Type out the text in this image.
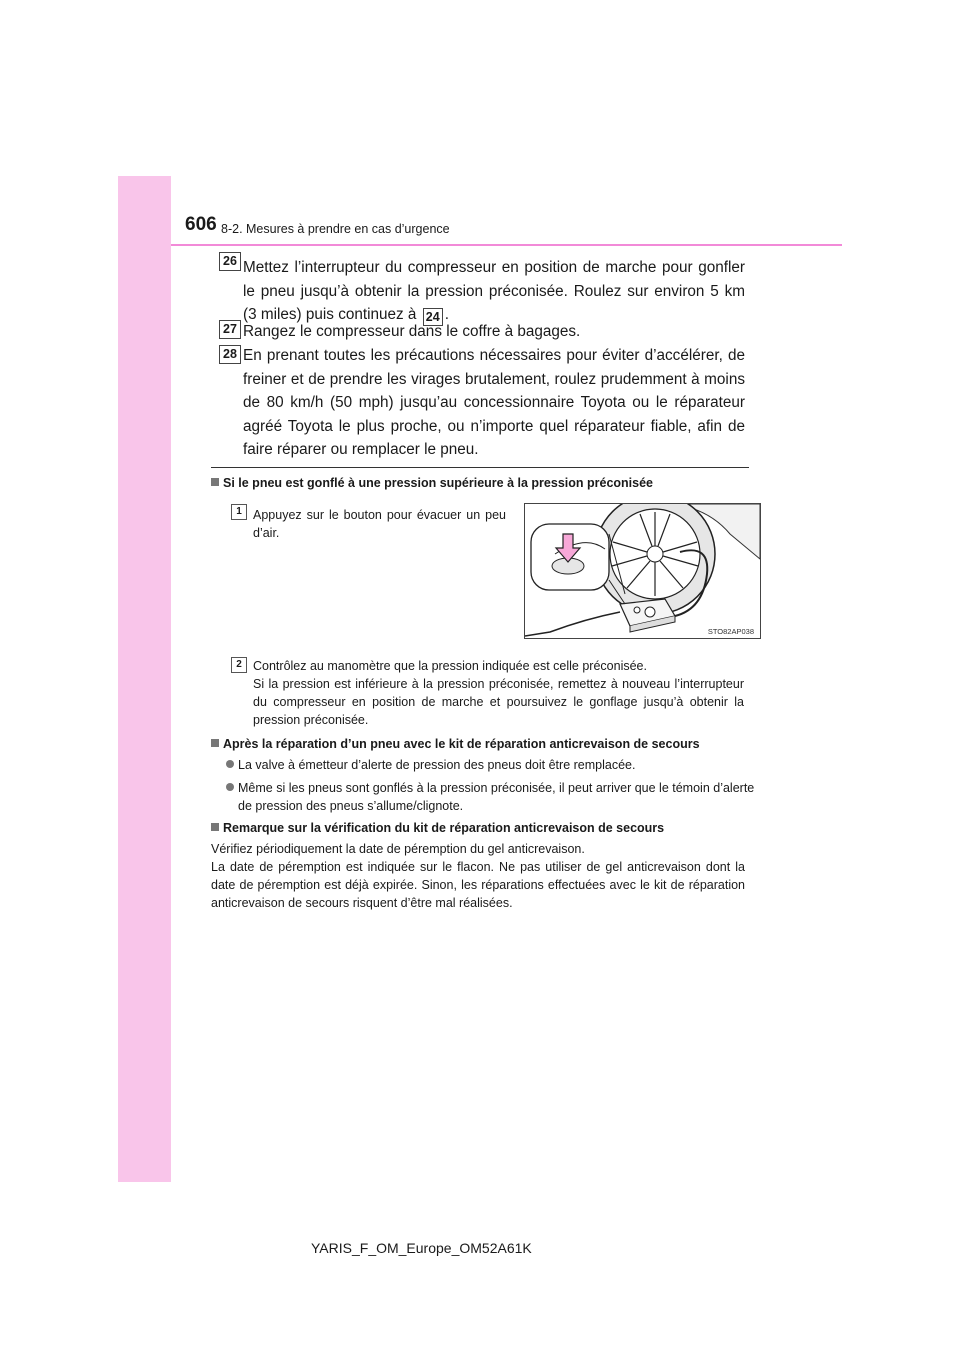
606 8-2. Mesures à prendre en cas d’urgence
26 Mettez l’interrupteur du compresseur en position de marche pour gonfler le pneu jusqu’à obtenir la pression préconisée. Roulez sur environ 5 km (3 miles) puis continuez à 24 .
27 Rangez le compresseur dans le coffre à bagages.
28 En prenant toutes les précautions nécessaires pour éviter d’accélérer, de freiner et de prendre les virages brutalement, roulez prudemment à moins de 80 km/h (50 mph) jusqu’au concessionnaire Toyota ou le réparateur agréé Toyota le plus proche, ou n’importe quel réparateur fiable, afin de faire réparer ou remplacer le pneu.
Si le pneu est gonflé à une pression supérieure à la pression préconisée
1 Appuyez sur le bouton pour évacuer un peu d’air.
STO82AP038
2 Contrôlez au manomètre que la pression indiquée est celle préconisée.
Si la pression est inférieure à la pression préconisée, remettez à nouveau l’interrupteur du compresseur en position de marche et poursuivez le gonflage jusqu’à obtenir la pression préconisée.
Après la réparation d’un pneu avec le kit de réparation anticrevaison de secours
La valve à émetteur d’alerte de pression des pneus doit être remplacée.
Même si les pneus sont gonflés à la pression préconisée, il peut arriver que le témoin d’alerte de pression des pneus s’allume/clignote.
Remarque sur la vérification du kit de réparation anticrevaison de secours
Vérifiez périodiquement la date de péremption du gel anticrevaison.
La date de péremption est indiquée sur le flacon. Ne pas utiliser de gel anticrevaison dont la date de péremption est déjà expirée. Sinon, les réparations effectuées avec le kit de réparation anticrevaison de secours risquent d’être mal réalisées.
YARIS_F_OM_Europe_OM52A61K
